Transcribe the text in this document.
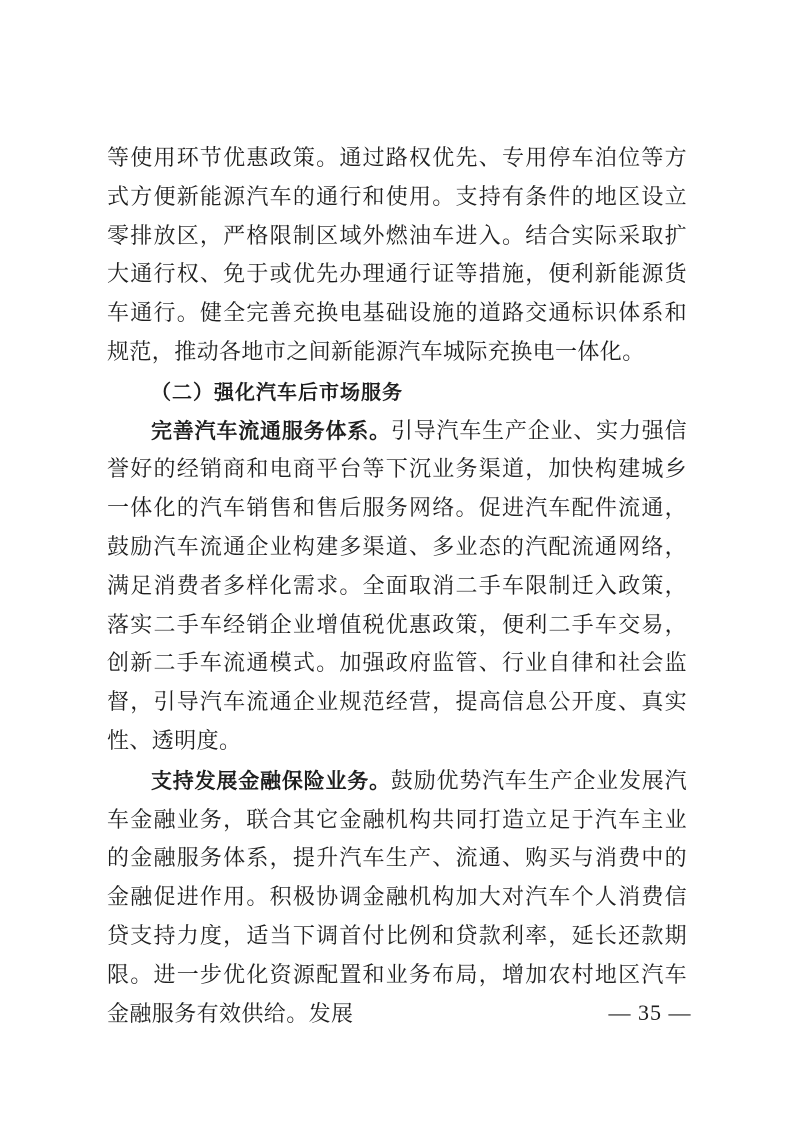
等使用环节优惠政策。通过路权优先、专用停车泊位等方式方便新能源汽车的通行和使用。支持有条件的地区设立零排放区，严格限制区域外燃油车进入。结合实际采取扩大通行权、免于或优先办理通行证等措施，便利新能源货车通行。健全完善充换电基础设施的道路交通标识体系和规范，推动各地市之间新能源汽车城际充换电一体化。

（二）强化汽车后市场服务

完善汽车流通服务体系。引导汽车生产企业、实力强信誉好的经销商和电商平台等下沉业务渠道，加快构建城乡一体化的汽车销售和售后服务网络。促进汽车配件流通，鼓励汽车流通企业构建多渠道、多业态的汽配流通网络，满足消费者多样化需求。全面取消二手车限制迁入政策，落实二手车经销企业增值税优惠政策，便利二手车交易，创新二手车流通模式。加强政府监管、行业自律和社会监督，引导汽车流通企业规范经营，提高信息公开度、真实性、透明度。

支持发展金融保险业务。鼓励优势汽车生产企业发展汽车金融业务，联合其它金融机构共同打造立足于汽车主业的金融服务体系，提升汽车生产、流通、购买与消费中的金融促进作用。积极协调金融机构加大对汽车个人消费信贷支持力度，适当下调首付比例和贷款利率，延长还款期限。进一步优化资源配置和业务布局，增加农村地区汽车金融服务有效供给。发展	— 35 —
